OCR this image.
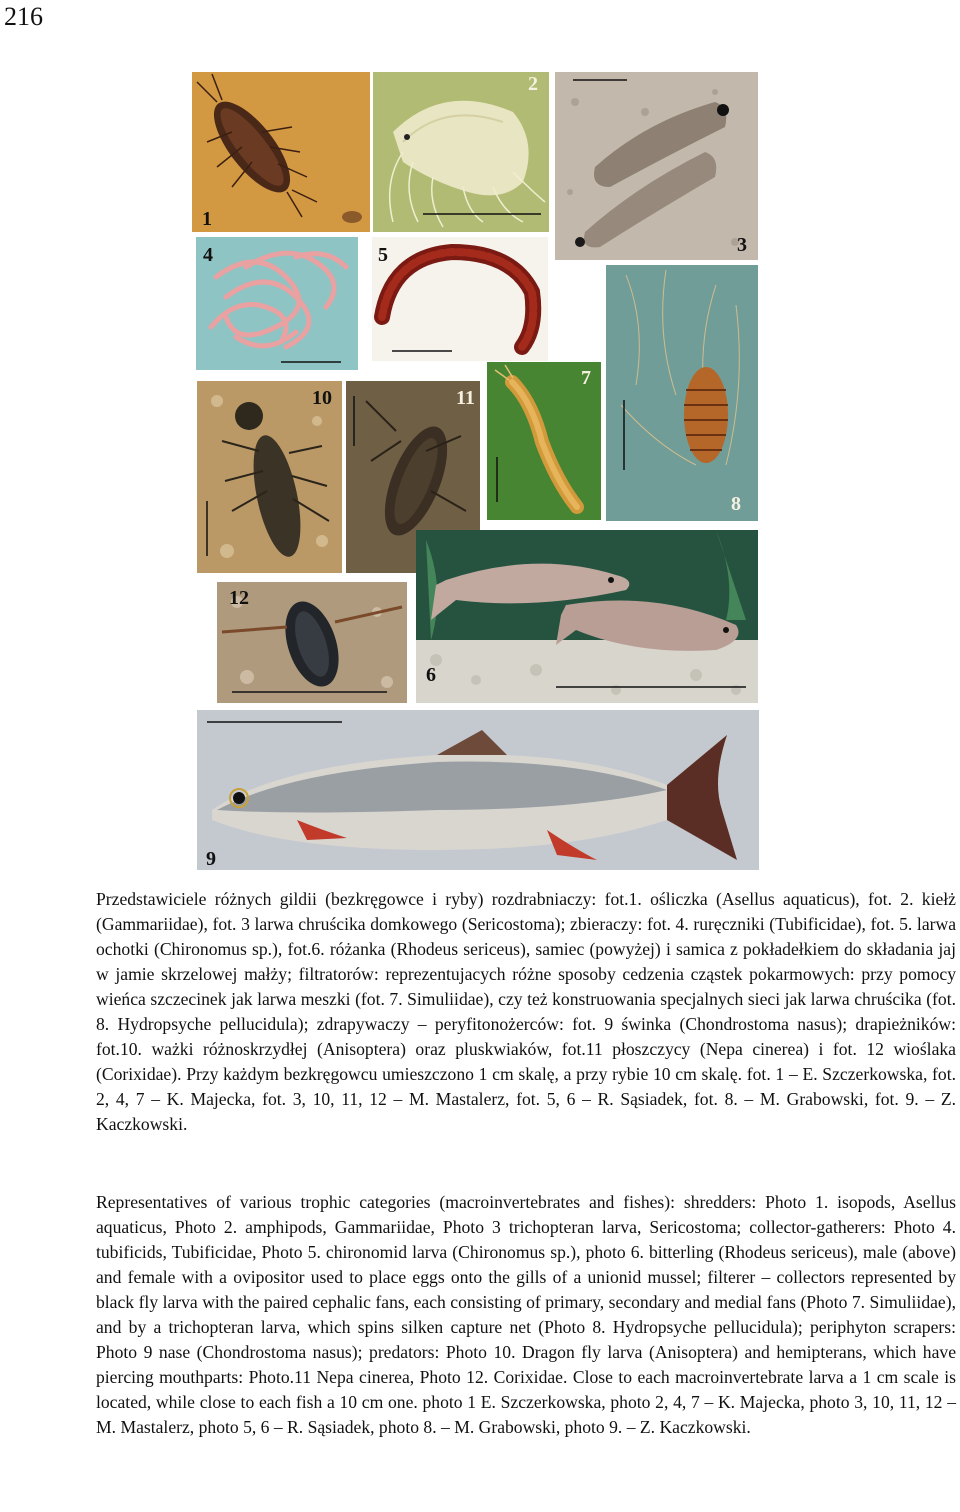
216
1
2
3
4	5
8
10	11
7
6
12
9

Przedstawiciele różnych gildii (bezkręgowce i ryby) rozdrabniaczy: fot.1. ośliczka (Asellus aquaticus), fot. 2. kiełż (Gammariidae), fot. 3 larwa chruścika domkowego (Sericostoma); zbieraczy: fot. 4. ruręczniki (Tubificidae), fot. 5. larwa ochotki (Chironomus sp.), fot.6. różanka (Rhodeus sericeus), samiec (powyżej) i samica z pokładełkiem do składania jaj w jamie skrzelowej małży; filtratorów: reprezentujacych różne sposoby cedzenia cząstek pokarmowych: przy pomocy wieńca szczecinek jak larwa meszki (fot. 7. Simuliidae), czy też konstruowania specjalnych sieci jak larwa chruścika (fot. 8. Hydropsyche pellucidula); zdrapywaczy – peryfitonożerców: fot. 9 świnka (Chondrostoma nasus); drapieżników: fot.10. ważki różnoskrzydłej (Anisoptera) oraz pluskwiaków, fot.11 płoszczycy (Nepa cinerea) i fot. 12 wioślaka (Corixidae). Przy każdym bezkręgowcu umieszczono 1 cm skalę, a przy rybie 10 cm skalę. fot. 1 – E. Szczerkowska, fot. 2, 4, 7 – K. Majecka, fot. 3, 10, 11, 12 – M. Mastalerz, fot. 5, 6 – R. Sąsiadek, fot. 8. – M. Grabowski, fot. 9. – Z. Kaczkowski.

Representatives of various trophic categories (macroinvertebrates and fishes): shredders: Photo 1. isopods, Asellus aquaticus, Photo 2. amphipods, Gammariidae, Photo 3 trichopteran larva, Sericostoma; collector-gatherers: Photo 4. tubificids, Tubificidae, Photo 5. chironomid larva (Chironomus sp.), photo 6. bitterling (Rhodeus sericeus), male (above) and female with a ovipositor used to place eggs onto the gills of a unionid mussel; filterer – collectors represented by black fly larva with the paired cephalic fans, each consisting of primary, secondary and medial fans (Photo 7. Simuliidae), and by a trichopteran larva, which spins silken capture net (Photo 8. Hydropsyche pellucidula); periphyton scrapers: Photo 9 nase (Chondrostoma nasus); predators: Photo 10. Dragon fly larva (Anisoptera) and hemipterans, which have piercing mouthparts: Photo.11 Nepa cinerea, Photo 12. Corixidae. Close to each macroinvertebrate larva a 1 cm scale is located, while close to each fish a 10 cm one. photo 1 E. Szczerkowska, photo 2, 4, 7 – K. Majecka, photo 3, 10, 11, 12 – M. Mastalerz, photo 5, 6 – R. Sąsiadek, photo 8. – M. Grabowski, photo 9. – Z. Kaczkowski.
